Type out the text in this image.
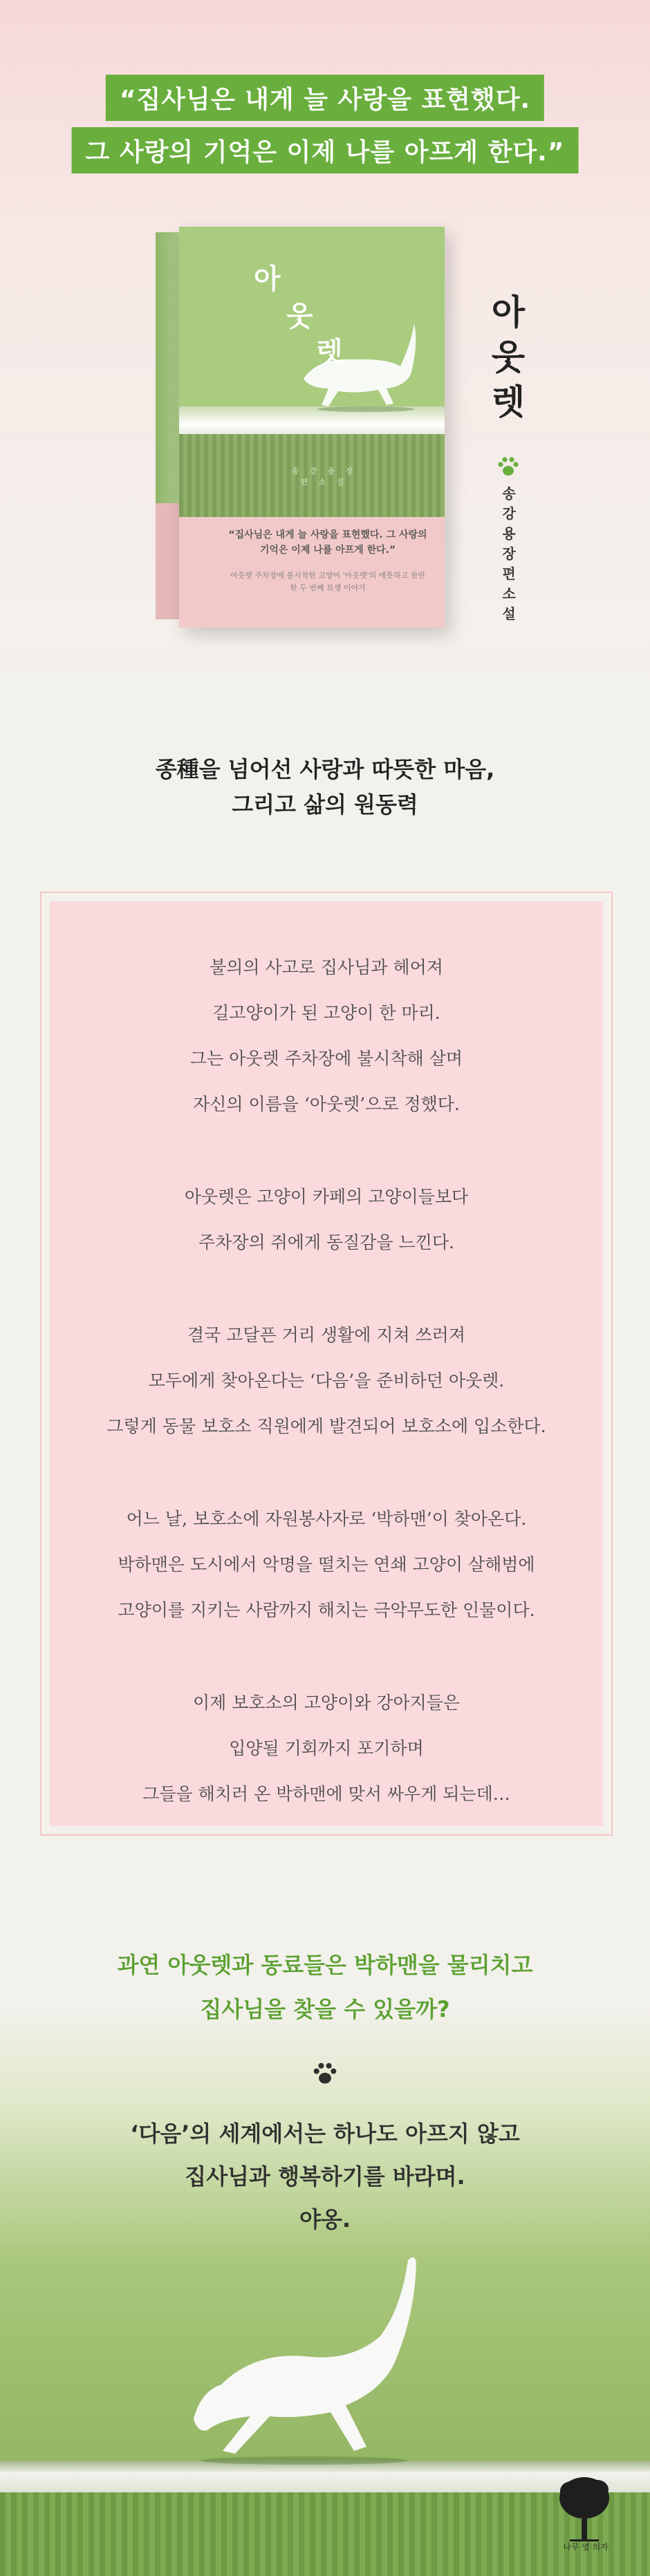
“집사님은 내게 늘 사랑을 표현했다.
그 사랑의 기억은 이제 나를 아프게 한다.”
아
웃
렛
송 강 용 장 편 소 설
“집사님은 내게 늘 사랑을 표현했다. 그 사랑의 기억은 이제 나를 아프게 한다.”
아웃렛 주차장에 불시착한 고양이 '아웃렛'의 애틋하고 찬란한 두 번째 묘생 이야기
아
웃
렛
송
강
용
장
편
소
설
종種을 넘어선 사랑과 따뜻한 마음,
그리고 삶의 원동력
불의의 사고로 집사님과 헤어져
길고양이가 된 고양이 한 마리.
그는 아웃렛 주차장에 불시착해 살며
자신의 이름을 ‘아웃렛’으로 정했다.
아웃렛은 고양이 카페의 고양이들보다
주차장의 쥐에게 동질감을 느낀다.
결국 고달픈 거리 생활에 지쳐 쓰러져
모두에게 찾아온다는 ‘다음’을 준비하던 아웃렛.
그렇게 동물 보호소 직원에게 발견되어 보호소에 입소한다.
어느 날, 보호소에 자원봉사자로 ‘박하맨’이 찾아온다.
박하맨은 도시에서 악명을 떨치는 연쇄 고양이 살해범에
고양이를 지키는 사람까지 해치는 극악무도한 인물이다.
이제 보호소의 고양이와 강아지들은
입양될 기회까지 포기하며
그들을 해치러 온 박하맨에 맞서 싸우게 되는데…
과연 아웃렛과 동료들은 박하맨을 물리치고
집사님을 찾을 수 있을까?
‘다음’의 세계에서는 하나도 아프지 않고
집사님과 행복하기를 바라며.
야옹.
나무 옆 의자
